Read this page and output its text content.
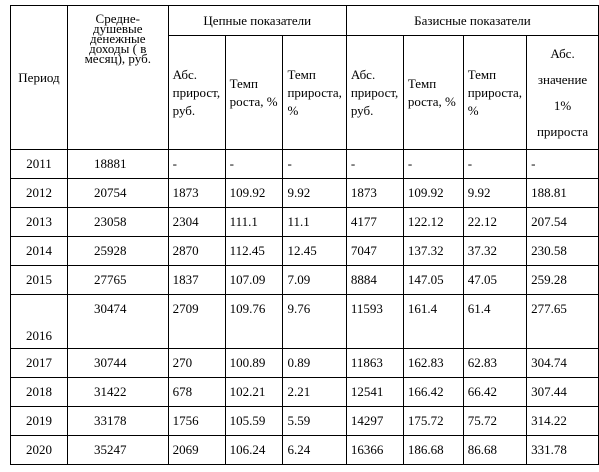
Период	Средне-душевые денежные доходы ( в месяц), руб.	Цепные показатели			Базисные показатели			
		Абс. прирост, руб.	Темп роста, %	Темп прироста, %	Абс. прирост, руб.	Темп роста, %	Темп прироста, %	Абс. значение 1% прироста
2011	18881	-	-	-	-	-	-	-
2012	20754	1873	109.92	9.92	1873	109.92	9.92	188.81
2013	23058	2304	111.1	11.1	4177	122.12	22.12	207.54
2014	25928	2870	112.45	12.45	7047	137.32	37.32	230.58
2015	27765	1837	107.09	7.09	8884	147.05	47.05	259.28
2016	30474	2709	109.76	9.76	11593	161.4	61.4	277.65
2017	30744	270	100.89	0.89	11863	162.83	62.83	304.74
2018	31422	678	102.21	2.21	12541	166.42	66.42	307.44
2019	33178	1756	105.59	5.59	14297	175.72	75.72	314.22
2020	35247	2069	106.24	6.24	16366	186.68	86.68	331.78
